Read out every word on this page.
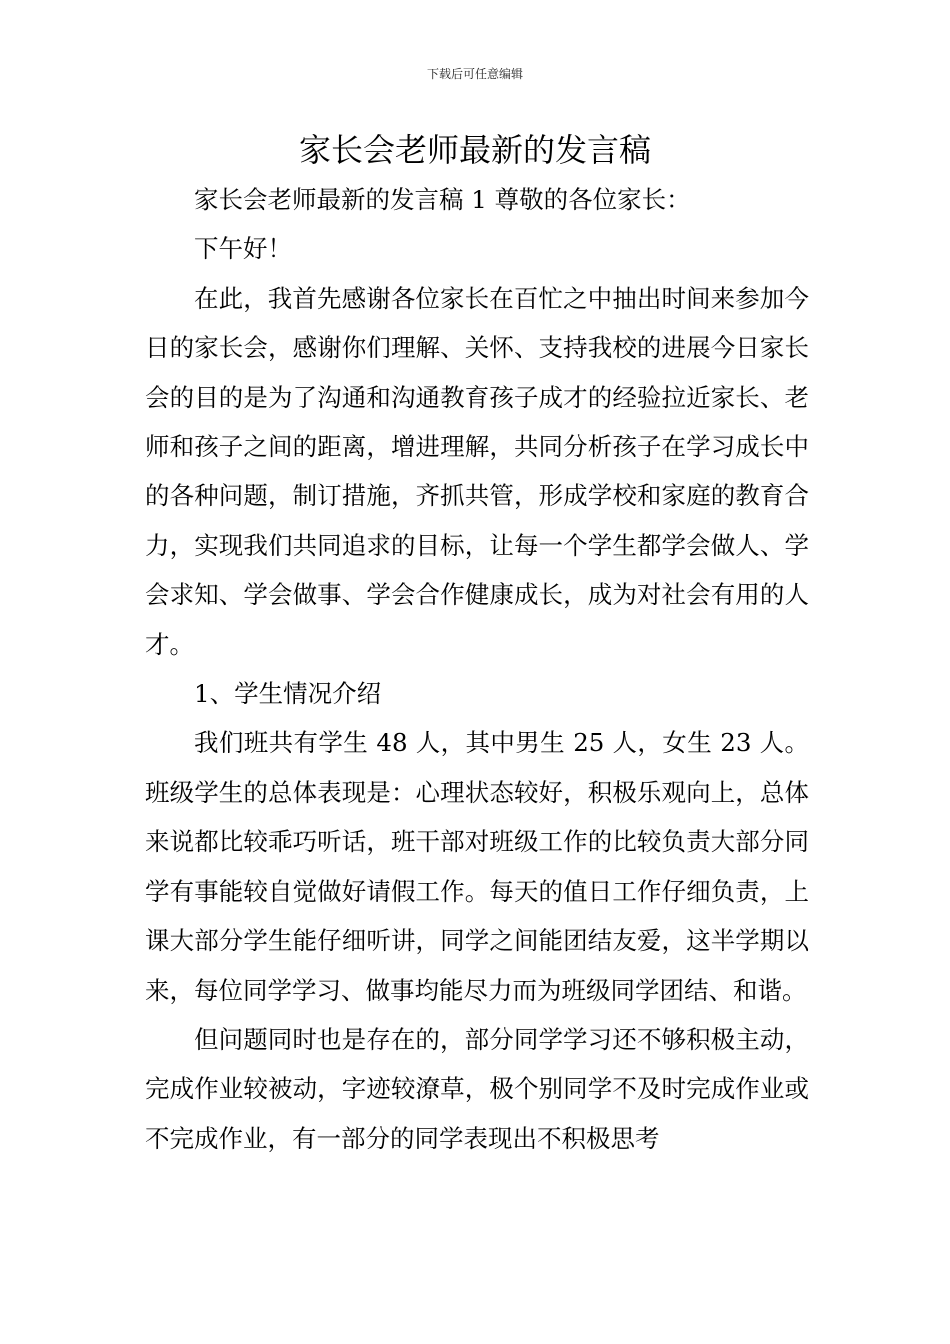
下载后可任意编辑
家长会老师最新的发言稿

家长会老师最新的发言稿 1 尊敬的各位家长：

下午好！

在此，我首先感谢各位家长在百忙之中抽出时间来参加今日的家长会，感谢你们理解、关怀、支持我校的进展今日家长会的目的是为了沟通和沟通教育孩子成才的经验拉近家长、老师和孩子之间的距离，增进理解，共同分析孩子在学习成长中的各种问题，制订措施，齐抓共管，形成学校和家庭的教育合力，实现我们共同追求的目标，让每一个学生都学会做人、学会求知、学会做事、学会合作健康成长，成为对社会有用的人才。

1、学生情况介绍

我们班共有学生 48 人，其中男生 25 人，女生 23 人。班级学生的总体表现是：心理状态较好，积极乐观向上，总体来说都比较乖巧听话，班干部对班级工作的比较负责大部分同学有事能较自觉做好请假工作。每天的值日工作仔细负责，上课大部分学生能仔细听讲，同学之间能团结友爱，这半学期以来，每位同学学习、做事均能尽力而为班级同学团结、和谐。

但问题同时也是存在的，部分同学学习还不够积极主动，完成作业较被动，字迹较潦草，极个别同学不及时完成作业或不完成作业，有一部分的同学表现出不积极思考
